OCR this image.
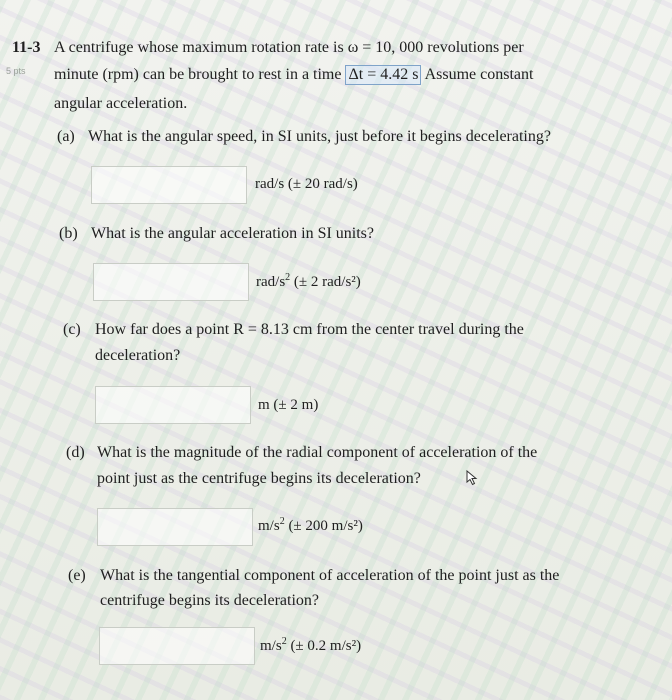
11-3
5 pts
A centrifuge whose maximum rotation rate is ω = 10, 000 revolutions per
minute (rpm) can be brought to rest in a time Δt = 4.42 s Assume constant
angular acceleration.
(a) What is the angular speed, in SI units, just before it begins decelerating?
rad/s (± 20 rad/s)
(b) What is the angular acceleration in SI units?
rad/$s^2$ (± 2 rad/s²)
(c) How far does a point R = 8.13 cm from the center travel during the
deceleration?
m (± 2 m)
(d) What is the magnitude of the radial component of acceleration of the
point just as the centrifuge begins its deceleration?
$m/s^2$ (± 200 m/s²)
(e) What is the tangential component of acceleration of the point just as the
centrifuge begins its deceleration?
$m/s^2$ (± 0.2 m/s²)
